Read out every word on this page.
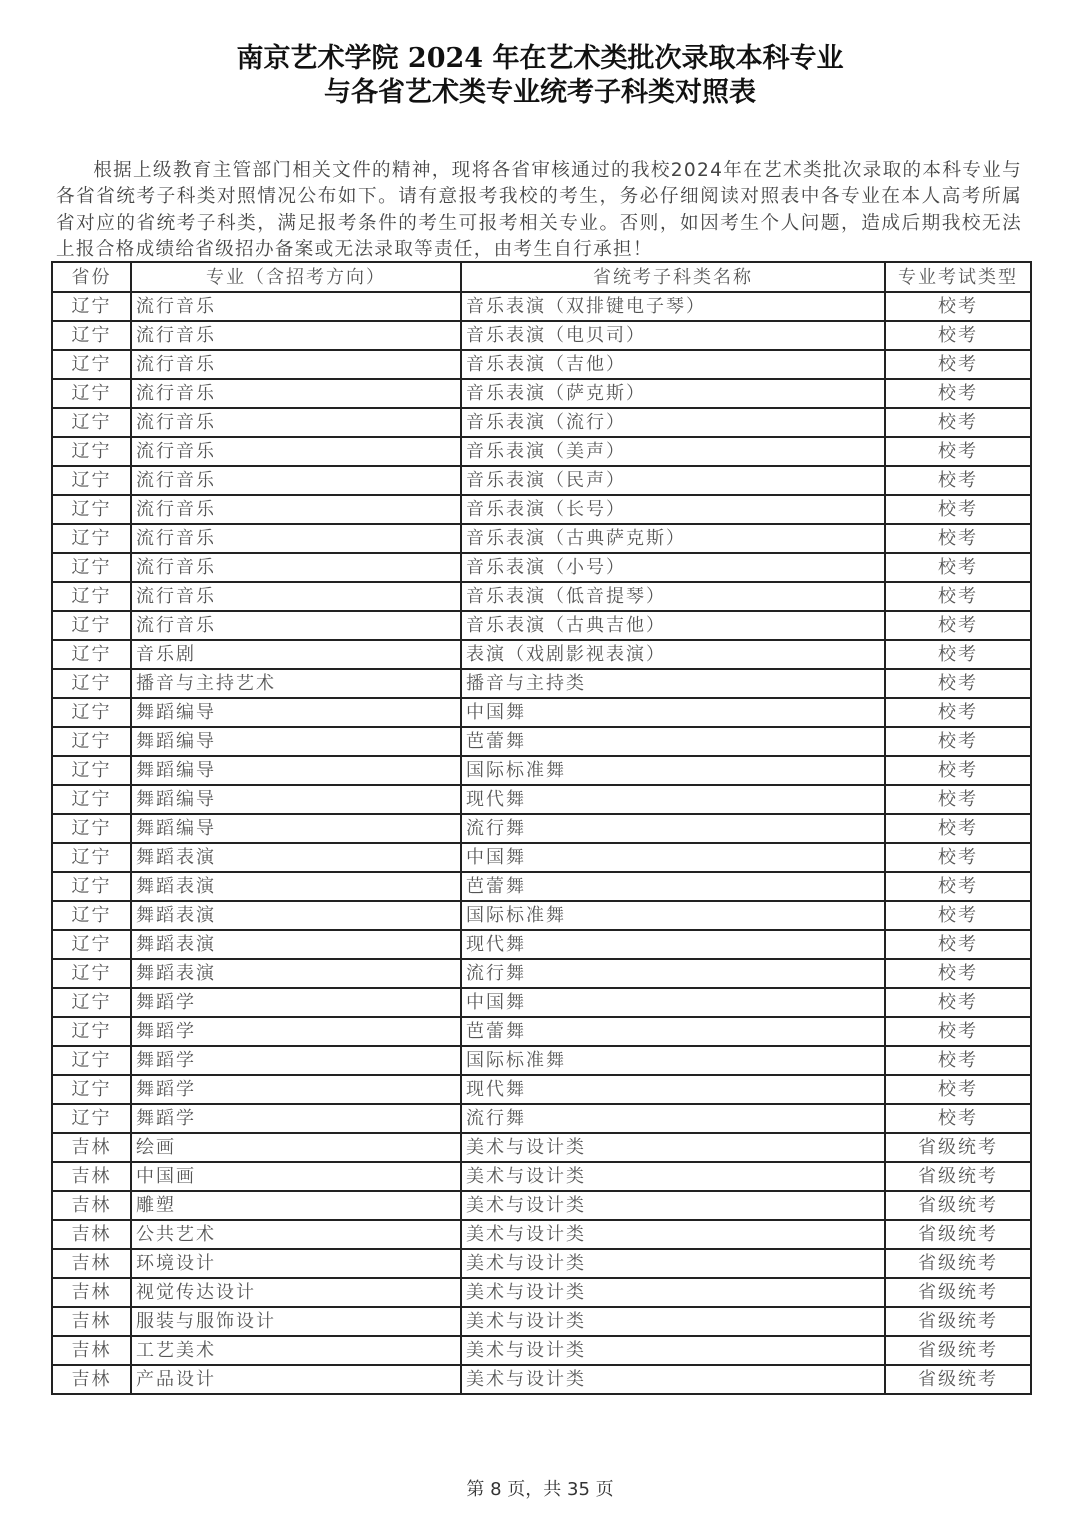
南京艺术学院 2024 年在艺术类批次录取本科专业
与各省艺术类专业统考子科类对照表

根据上级教育主管部门相关文件的精神，现将各省审核通过的我校2024年在艺术类批次录取的本科专业与各省省统考子科类对照情况公布如下。请有意报考我校的考生，务必仔细阅读对照表中各专业在本人高考所属省对应的省统考子科类，满足报考条件的考生可报考相关专业。否则，如因考生个人问题，造成后期我校无法上报合格成绩给省级招办备案或无法录取等责任，由考生自行承担！

省份	专业（含招考方向）	省统考子科类名称	专业考试类型
辽宁	流行音乐	音乐表演（双排键电子琴）	校考
辽宁	流行音乐	音乐表演（电贝司）	校考
辽宁	流行音乐	音乐表演（吉他）	校考
辽宁	流行音乐	音乐表演（萨克斯）	校考
辽宁	流行音乐	音乐表演（流行）	校考
辽宁	流行音乐	音乐表演（美声）	校考
辽宁	流行音乐	音乐表演（民声）	校考
辽宁	流行音乐	音乐表演（长号）	校考
辽宁	流行音乐	音乐表演（古典萨克斯）	校考
辽宁	流行音乐	音乐表演（小号）	校考
辽宁	流行音乐	音乐表演（低音提琴）	校考
辽宁	流行音乐	音乐表演（古典吉他）	校考
辽宁	音乐剧	表演（戏剧影视表演）	校考
辽宁	播音与主持艺术	播音与主持类	校考
辽宁	舞蹈编导	中国舞	校考
辽宁	舞蹈编导	芭蕾舞	校考
辽宁	舞蹈编导	国际标准舞	校考
辽宁	舞蹈编导	现代舞	校考
辽宁	舞蹈编导	流行舞	校考
辽宁	舞蹈表演	中国舞	校考
辽宁	舞蹈表演	芭蕾舞	校考
辽宁	舞蹈表演	国际标准舞	校考
辽宁	舞蹈表演	现代舞	校考
辽宁	舞蹈表演	流行舞	校考
辽宁	舞蹈学	中国舞	校考
辽宁	舞蹈学	芭蕾舞	校考
辽宁	舞蹈学	国际标准舞	校考
辽宁	舞蹈学	现代舞	校考
辽宁	舞蹈学	流行舞	校考
吉林	绘画	美术与设计类	省级统考
吉林	中国画	美术与设计类	省级统考
吉林	雕塑	美术与设计类	省级统考
吉林	公共艺术	美术与设计类	省级统考
吉林	环境设计	美术与设计类	省级统考
吉林	视觉传达设计	美术与设计类	省级统考
吉林	服装与服饰设计	美术与设计类	省级统考
吉林	工艺美术	美术与设计类	省级统考
吉林	产品设计	美术与设计类	省级统考
第 8 页，共 35 页
